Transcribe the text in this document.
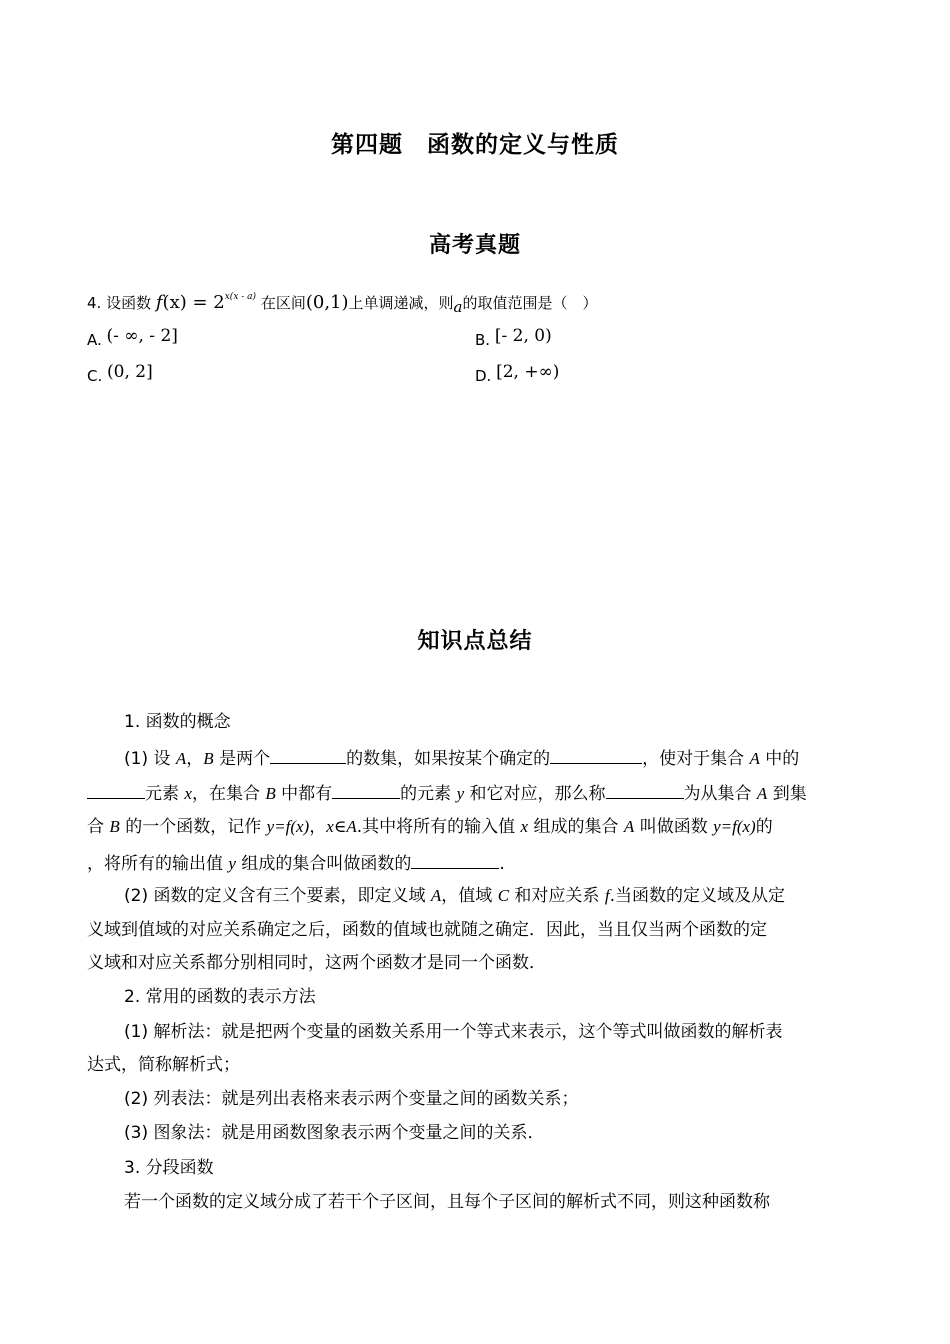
第四题　函数的定义与性质
高考真题
4. 设函数 $f(x) = 2^{x(x - a)}$ 在区间(0,1)上单调递减，则a的取值范围是（　）
A. (- ∞, - 2]	B. [- 2, 0)
C. (0, 2]	D. [2, +∞)
知识点总结
1. 函数的概念
(1) 设 A，B 是两个	的数集，如果按某个确定的	，使对于集合 A 中的
元素 x，在集合 B 中都有	的元素 y 和它对应，那么称	为从集合 A 到集
合 B 的一个函数，记作 y=f(x)，x∈A.其中将所有的输入值 x 组成的集合 A 叫做函数 y=f(x)的
，将所有的输出值 y 组成的集合叫做函数的	.
(2) 函数的定义含有三个要素，即定义域 A，值域 C 和对应关系 f.当函数的定义域及从定
义域到值域的对应关系确定之后，函数的值域也就随之确定．因此，当且仅当两个函数的定
义域和对应关系都分别相同时，这两个函数才是同一个函数．
2. 常用的函数的表示方法
(1) 解析法：就是把两个变量的函数关系用一个等式来表示，这个等式叫做函数的解析表
达式，简称解析式；
(2) 列表法：就是列出表格来表示两个变量之间的函数关系；
(3) 图象法：就是用函数图象表示两个变量之间的关系．
3. 分段函数
若一个函数的定义域分成了若干个子区间，且每个子区间的解析式不同，则这种函数称
